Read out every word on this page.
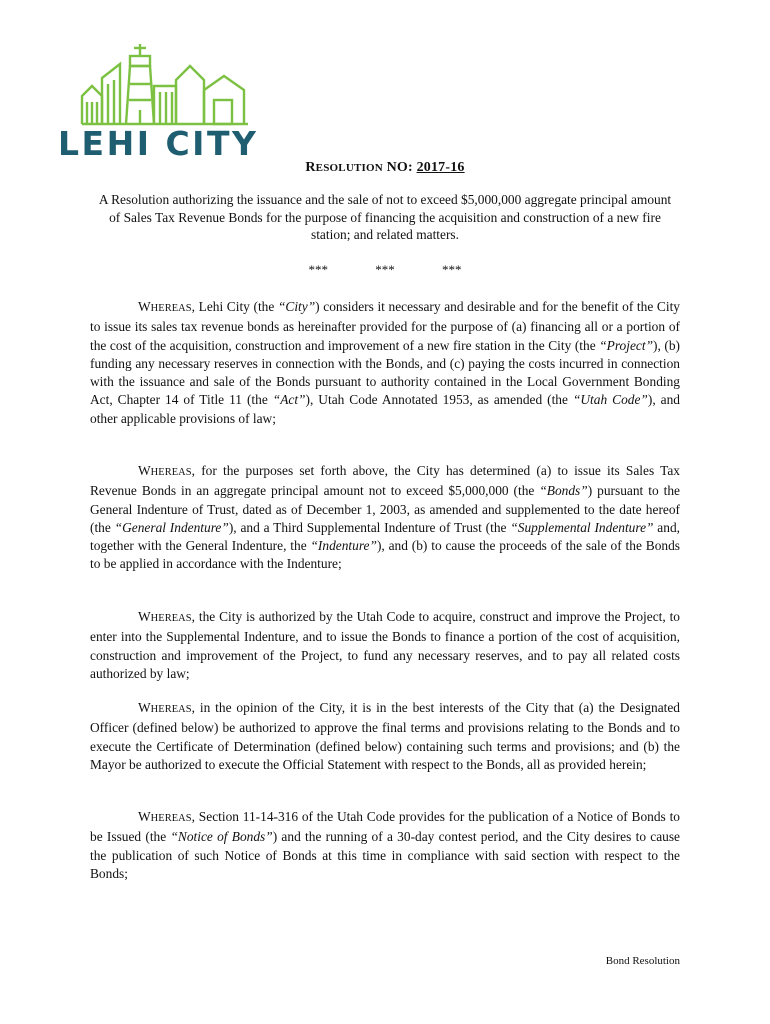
LEHI CITY
RESOLUTION NO: 2017-16
A Resolution authorizing the issuance and the sale of not to exceed $5,000,000 aggregate principal amount of Sales Tax Revenue Bonds for the purpose of financing the acquisition and construction of a new fire station; and related matters.
*** *** ***
WHEREAS, Lehi City (the “City”) considers it necessary and desirable and for the benefit of the City to issue its sales tax revenue bonds as hereinafter provided for the purpose of (a) financing all or a portion of the cost of the acquisition, construction and improvement of a new fire station in the City (the “Project”), (b) funding any necessary reserves in connection with the Bonds, and (c) paying the costs incurred in connection with the issuance and sale of the Bonds pursuant to authority contained in the Local Government Bonding Act, Chapter 14 of Title 11 (the “Act”), Utah Code Annotated 1953, as amended (the “Utah Code”), and other applicable provisions of law;
WHEREAS, for the purposes set forth above, the City has determined (a) to issue its Sales Tax Revenue Bonds in an aggregate principal amount not to exceed $5,000,000 (the “Bonds”) pursuant to the General Indenture of Trust, dated as of December 1, 2003, as amended and supplemented to the date hereof (the “General Indenture”), and a Third Supplemental Indenture of Trust (the “Supplemental Indenture” and, together with the General Indenture, the “Indenture”), and (b) to cause the proceeds of the sale of the Bonds to be applied in accordance with the Indenture;
WHEREAS, the City is authorized by the Utah Code to acquire, construct and improve the Project, to enter into the Supplemental Indenture, and to issue the Bonds to finance a portion of the cost of acquisition, construction and improvement of the Project, to fund any necessary reserves, and to pay all related costs authorized by law;
WHEREAS, in the opinion of the City, it is in the best interests of the City that (a) the Designated Officer (defined below) be authorized to approve the final terms and provisions relating to the Bonds and to execute the Certificate of Determination (defined below) containing such terms and provisions; and (b) the Mayor be authorized to execute the Official Statement with respect to the Bonds, all as provided herein;
WHEREAS, Section 11-14-316 of the Utah Code provides for the publication of a Notice of Bonds to be Issued (the “Notice of Bonds”) and the running of a 30-day contest period, and the City desires to cause the publication of such Notice of Bonds at this time in compliance with said section with respect to the Bonds;
Bond Resolution
